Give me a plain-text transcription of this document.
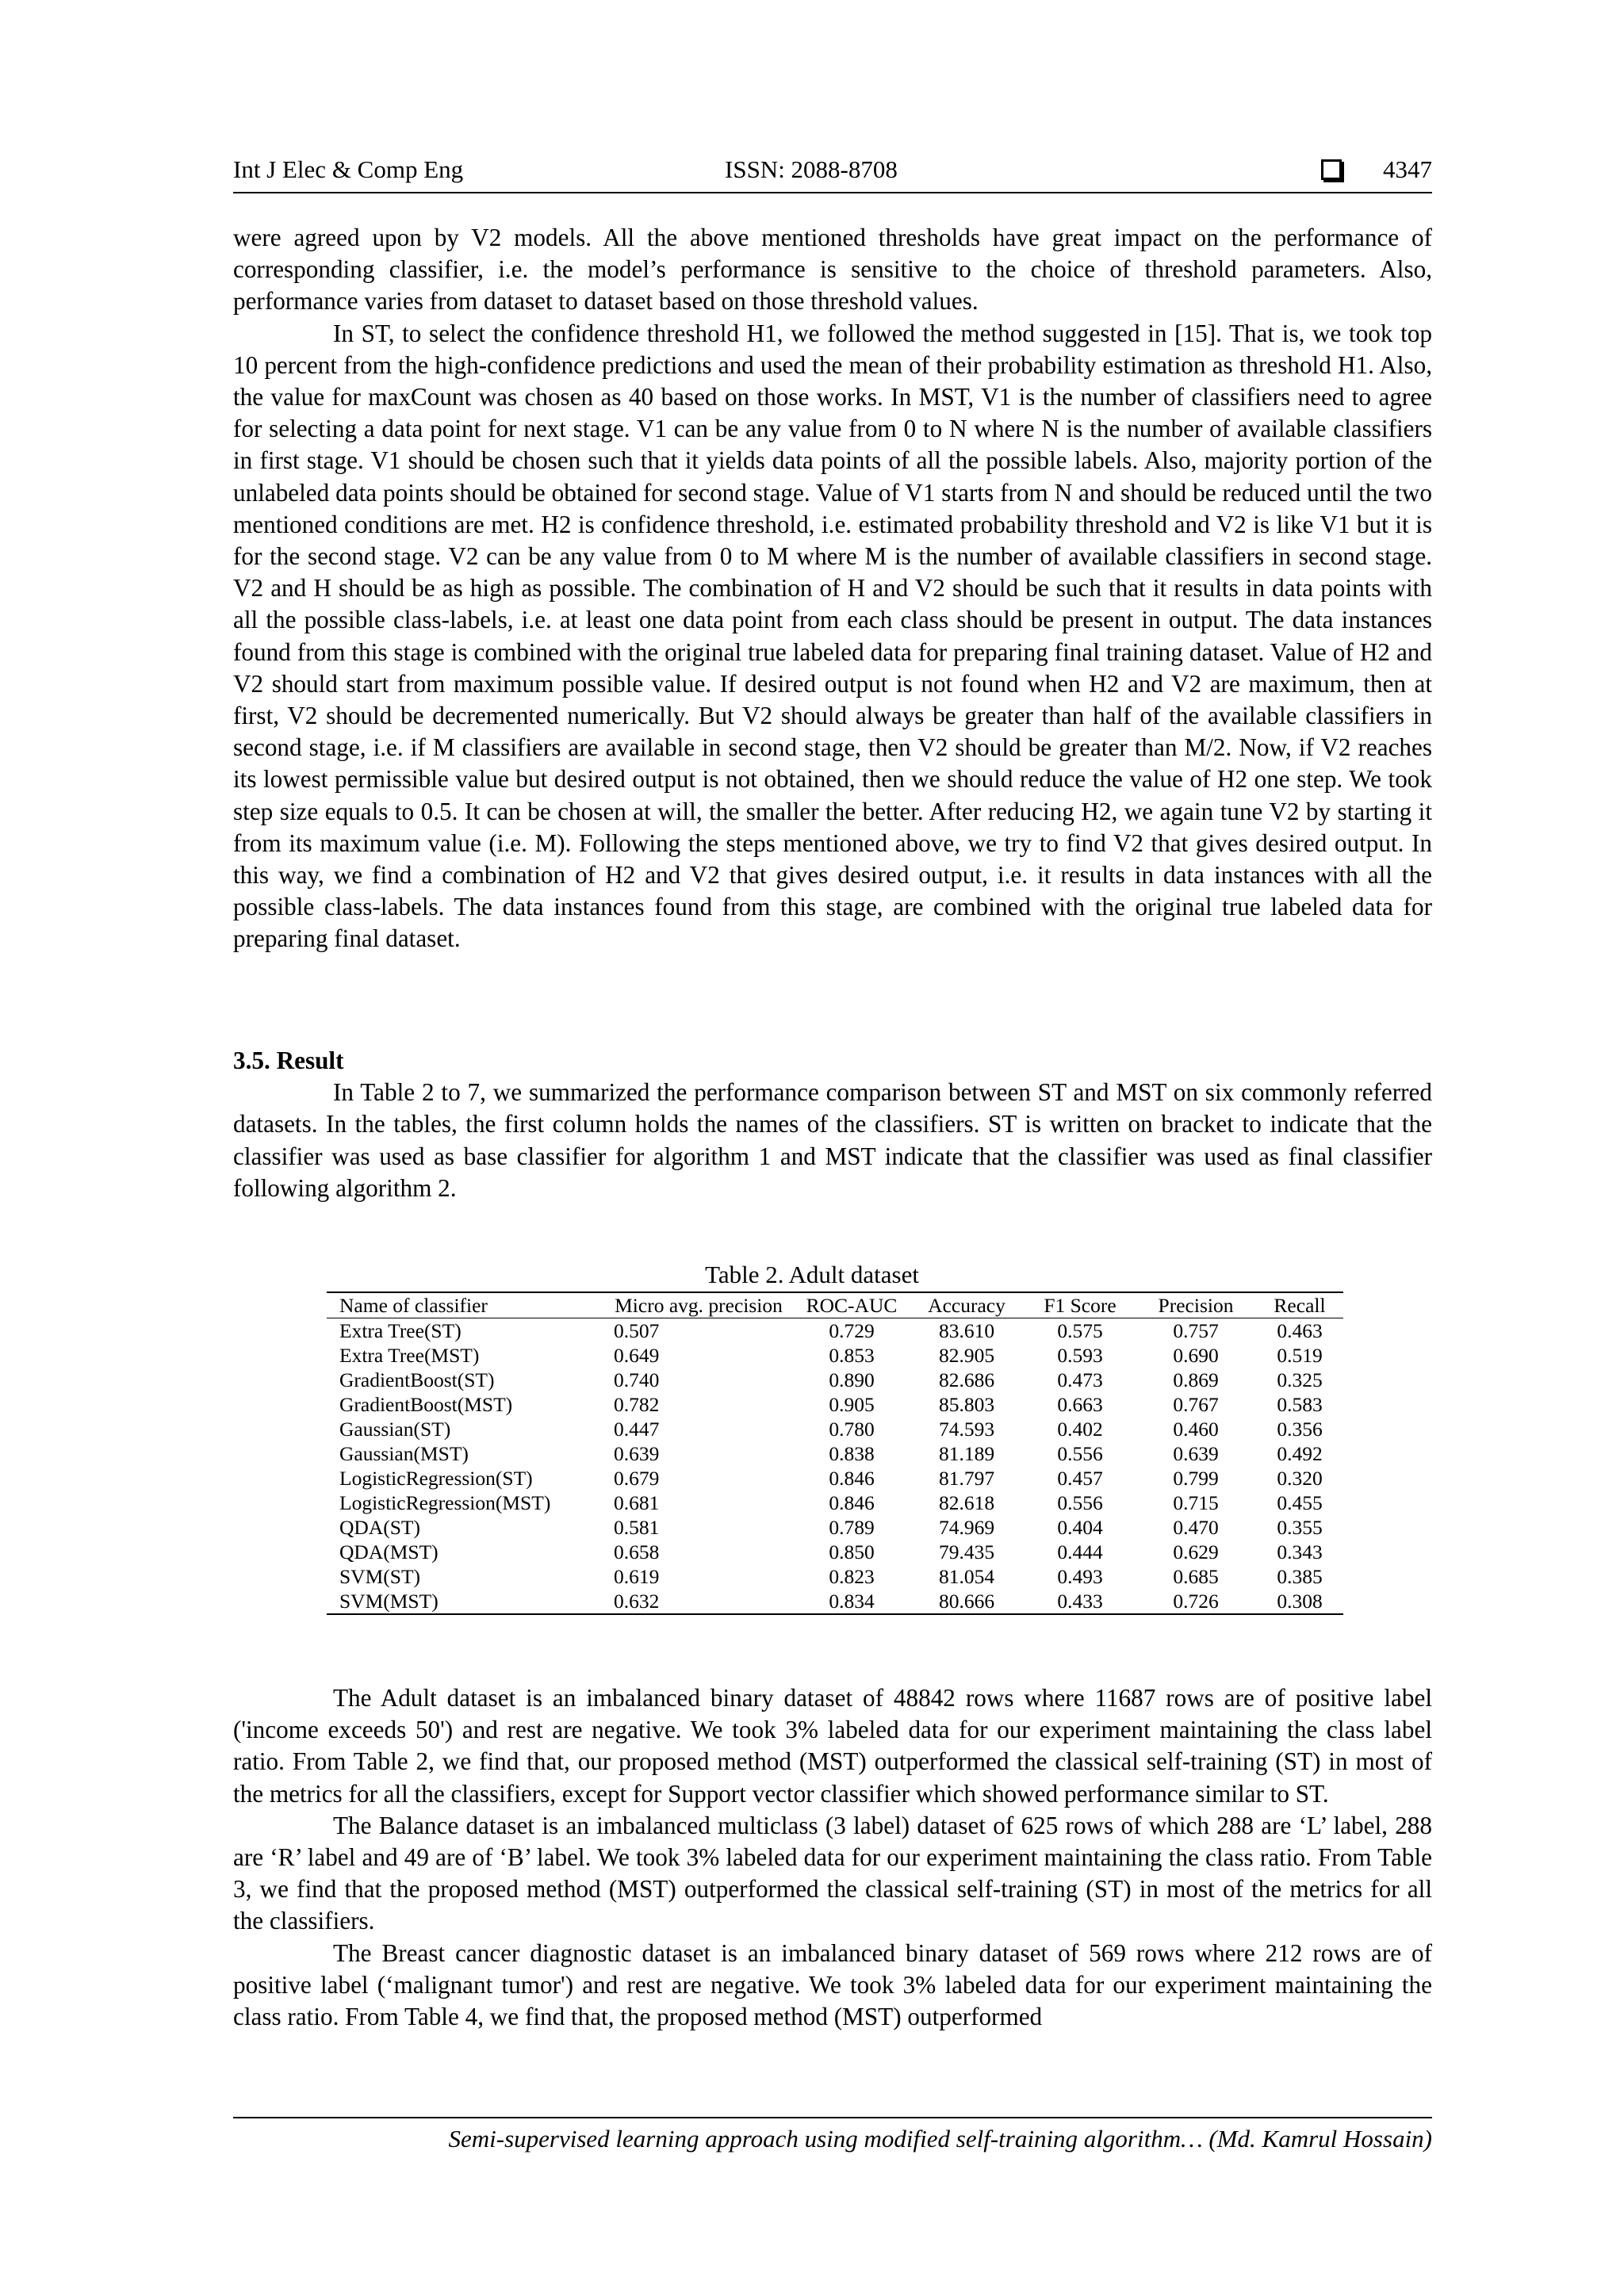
Int J Elec & Comp Eng	ISSN: 2088-8708	4347

were agreed upon by V2 models. All the above mentioned thresholds have great impact on the performance of corresponding classifier, i.e. the model’s performance is sensitive to the choice of threshold parameters. Also, performance varies from dataset to dataset based on those threshold values.

In ST, to select the confidence threshold H1, we followed the method suggested in [15]. That is, we took top 10 percent from the high-confidence predictions and used the mean of their probability estimation as threshold H1. Also, the value for maxCount was chosen as 40 based on those works. In MST, V1 is the number of classifiers need to agree for selecting a data point for next stage. V1 can be any value from 0 to N where N is the number of available classifiers in first stage. V1 should be chosen such that it yields data points of all the possible labels. Also, majority portion of the unlabeled data points should be obtained for second stage. Value of V1 starts from N and should be reduced until the two mentioned conditions are met. H2 is confidence threshold, i.e. estimated probability threshold and V2 is like V1 but it is for the second stage. V2 can be any value from 0 to M where M is the number of available classifiers in second stage. V2 and H should be as high as possible. The combination of H and V2 should be such that it results in data points with all the possible class-labels, i.e. at least one data point from each class should be present in output. The data instances found from this stage is combined with the original true labeled data for preparing final training dataset. Value of H2 and V2 should start from maximum possible value. If desired output is not found when H2 and V2 are maximum, then at first, V2 should be decremented numerically. But V2 should always be greater than half of the available classifiers in second stage, i.e. if M classifiers are available in second stage, then V2 should be greater than M/2. Now, if V2 reaches its lowest permissible value but desired output is not obtained, then we should reduce the value of H2 one step. We took step size equals to 0.5. It can be chosen at will, the smaller the better. After reducing H2, we again tune V2 by starting it from its maximum value (i.e. M). Following the steps mentioned above, we try to find V2 that gives desired output. In this way, we find a combination of H2 and V2 that gives desired output, i.e. it results in data instances with all the possible class-labels. The data instances found from this stage, are combined with the original true labeled data for preparing final dataset.

3.5. Result

In Table 2 to 7, we summarized the performance comparison between ST and MST on six commonly referred datasets. In the tables, the first column holds the names of the classifiers. ST is written on bracket to indicate that the classifier was used as base classifier for algorithm 1 and MST indicate that the classifier was used as final classifier following algorithm 2.

Table 2. Adult dataset
Name of classifier	Micro avg. precision	ROC-AUC	Accuracy	F1 Score	Precision	Recall
Extra Tree(ST)	0.507	0.729	83.610	0.575	0.757	0.463
Extra Tree(MST)	0.649	0.853	82.905	0.593	0.690	0.519
GradientBoost(ST)	0.740	0.890	82.686	0.473	0.869	0.325
GradientBoost(MST)	0.782	0.905	85.803	0.663	0.767	0.583
Gaussian(ST)	0.447	0.780	74.593	0.402	0.460	0.356
Gaussian(MST)	0.639	0.838	81.189	0.556	0.639	0.492
LogisticRegression(ST)	0.679	0.846	81.797	0.457	0.799	0.320
LogisticRegression(MST)	0.681	0.846	82.618	0.556	0.715	0.455
QDA(ST)	0.581	0.789	74.969	0.404	0.470	0.355
QDA(MST)	0.658	0.850	79.435	0.444	0.629	0.343
SVM(ST)	0.619	0.823	81.054	0.493	0.685	0.385
SVM(MST)	0.632	0.834	80.666	0.433	0.726	0.308

The Adult dataset is an imbalanced binary dataset of 48842 rows where 11687 rows are of positive label ('income exceeds 50') and rest are negative. We took 3% labeled data for our experiment maintaining the class label ratio. From Table 2, we find that, our proposed method (MST) outperformed the classical self-training (ST) in most of the metrics for all the classifiers, except for Support vector classifier which showed performance similar to ST.

The Balance dataset is an imbalanced multiclass (3 label) dataset of 625 rows of which 288 are ‘L’ label, 288 are ‘R’ label and 49 are of ‘B’ label. We took 3% labeled data for our experiment maintaining the class ratio. From Table 3, we find that the proposed method (MST) outperformed the classical self-training (ST) in most of the metrics for all the classifiers.

The Breast cancer diagnostic dataset is an imbalanced binary dataset of 569 rows where 212 rows are of positive label (‘malignant tumor') and rest are negative. We took 3% labeled data for our experiment maintaining the class ratio. From Table 4, we find that, the proposed method (MST) outperformed

Semi-supervised learning approach using modified self-training algorithm… (Md. Kamrul Hossain)
